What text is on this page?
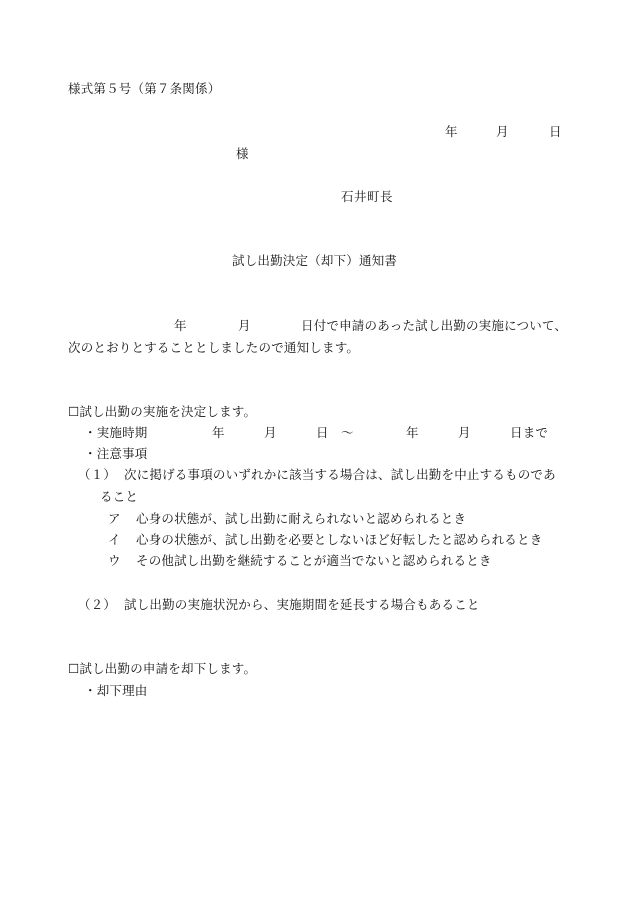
様式第５号（第７条関係）
年	月	日
様
石井町長
試し出勤決定（却下）通知書
年	月	日付で申請のあった試し出勤の実施について、
次のとおりとすることとしましたので通知します。
☐試し出勤の実施を決定します。
・実施時期	年	月	日 ～	年	月	日まで
・注意事項
（１） 次に掲げる事項のいずれかに該当する場合は、試し出勤を中止するものであ
ること
ア 心身の状態が、試し出勤に耐えられないと認められるとき
イ 心身の状態が、試し出勤を必要としないほど好転したと認められるとき
ウ その他試し出勤を継続することが適当でないと認められるとき
（２） 試し出勤の実施状況から、実施期間を延長する場合もあること
☐試し出勤の申請を却下します。
・却下理由
